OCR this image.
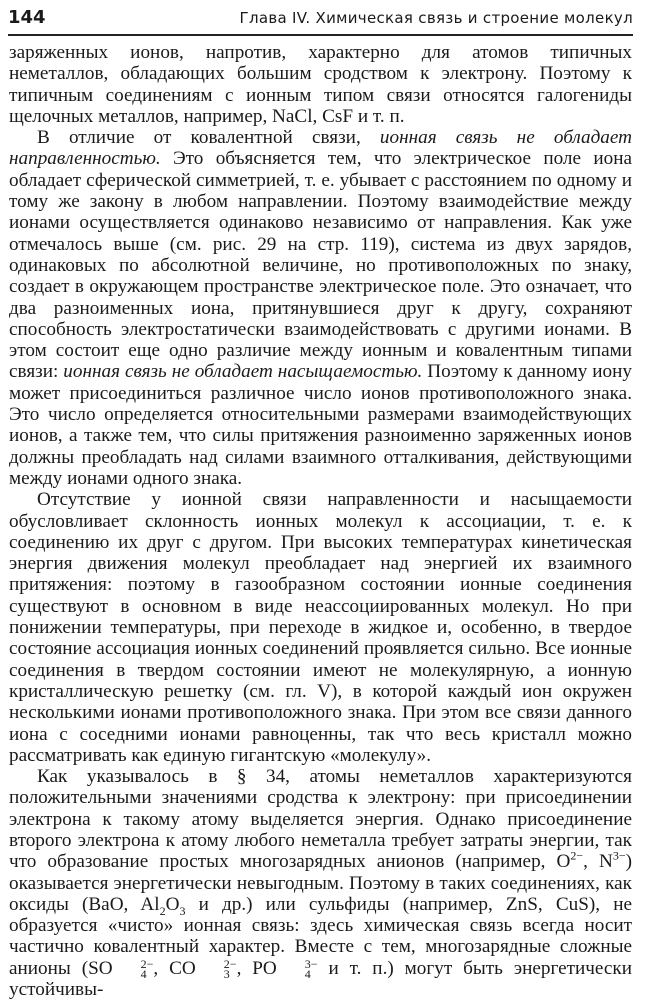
144	Глава IV. Химическая связь и строение молекул

заряженных ионов, напротив, характерно для атомов типичных неметаллов, обладающих большим сродством к электрону. Поэтому к типичным соединениям с ионным типом связи относятся галогениды щелочных металлов, например, NaCl, CsF и т. п.

В отличие от ковалентной связи, ионная связь не обладает направленностью. Это объясняется тем, что электрическое поле иона обладает сферической симметрией, т. е. убывает с расстоянием по одному и тому же закону в любом направлении. Поэтому взаимодействие между ионами осуществляется одинаково независимо от направления. Как уже отмечалось выше (см. рис. 29 на стр. 119), система из двух зарядов, одинаковых по абсолютной величине, но противоположных по знаку, создает в окружающем пространстве электрическое поле. Это означает, что два разноименных иона, притянувшиеся друг к другу, сохраняют способность электростатически взаимодействовать с другими ионами. В этом состоит еще одно различие между ионным и ковалентным типами связи: ионная связь не обладает насыщаемостью. Поэтому к данному иону может присоединиться различное число ионов противоположного знака. Это число определяется относительными размерами взаимодействующих ионов, а также тем, что силы притяжения разноименно заряженных ионов должны преобладать над силами взаимного отталкивания, действующими между ионами одного знака.

Отсутствие у ионной связи направленности и насыщаемости обусловливает склонность ионных молекул к ассоциации, т. е. к соединению их друг с другом. При высоких температурах кинетическая энергия движения молекул преобладает над энергией их взаимного притяжения: поэтому в газообразном состоянии ионные соединения существуют в основном в виде неассоциированных молекул. Но при понижении температуры, при переходе в жидкое и, особенно, в твердое состояние ассоциация ионных соединений проявляется сильно. Все ионные соединения в твердом состоянии имеют не молекулярную, а ионную кристаллическую решетку (см. гл. V), в которой каждый ион окружен несколькими ионами противоположного знака. При этом все связи данного иона с соседними ионами равноценны, так что весь кристалл можно рассматривать как единую гигантскую «молекулу».

Как указывалось в § 34, атомы неметаллов характеризуются положительными значениями сродства к электрону: при присоединении электрона к такому атому выделяется энергия. Однако присоединение второго электрона к атому любого неметалла требует затраты энергии, так что образование простых многозарядных анионов (например, $O^{2-}$, $N^{3-}$) оказывается энергетически невыгодным. Поэтому в таких соединениях, как оксиды (BaO, $Al_2O_3$ и др.) или сульфиды (например, ZnS, CuS), не образуется «чисто» ионная связь: здесь химическая связь всегда носит частично ковалентный характер. Вместе с тем, многозарядные сложные анионы (SO	2−
4 , CO	2−
3 , PO	3−
4 и т. п.) могут быть энергетически устойчивы-
